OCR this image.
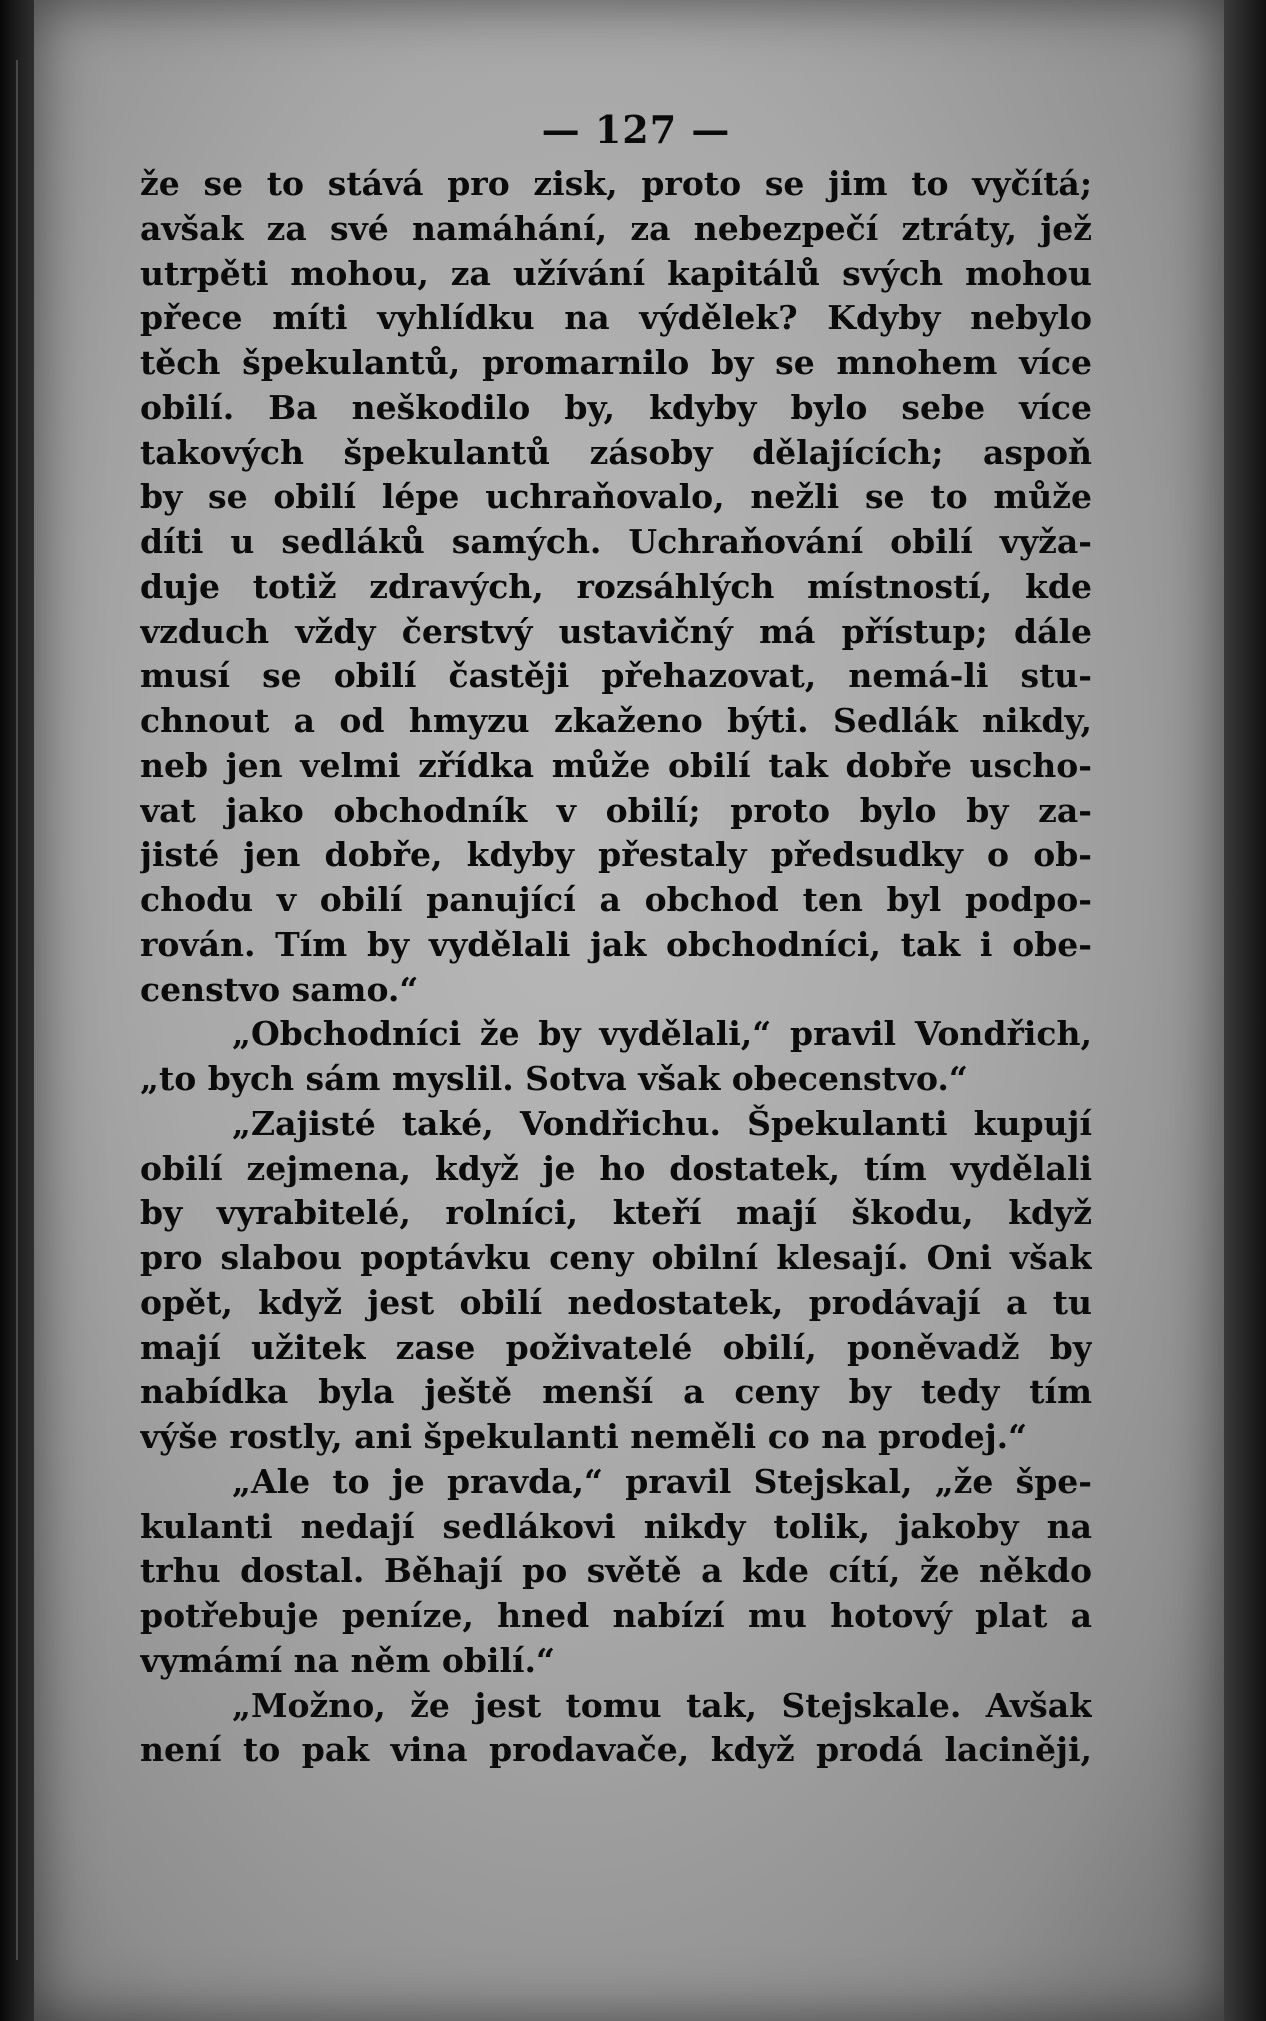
— 127 —
že se to stává pro zisk, proto se jim to vyčítá;
avšak za své namáhání, za nebezpečí ztráty, jež
utrpěti mohou, za užívání kapitálů svých mohou
přece míti vyhlídku na výdělek? Kdyby nebylo
těch špekulantů, promarnilo by se mnohem více
obilí. Ba neškodilo by, kdyby bylo sebe více
takových špekulantů zásoby dělajících; aspoň
by se obilí lépe uchraňovalo, nežli se to může
díti u sedláků samých. Uchraňování obilí vyža-
duje totiž zdravých, rozsáhlých místností, kde
vzduch vždy čerstvý ustavičný má přístup; dále
musí se obilí častěji přehazovat, nemá-li stu-
chnout a od hmyzu zkaženo býti. Sedlák nikdy,
neb jen velmi zřídka může obilí tak dobře uscho-
vat jako obchodník v obilí; proto bylo by za-
jisté jen dobře, kdyby přestaly předsudky o ob-
chodu v obilí panující a obchod ten byl podpo-
rován. Tím by vydělali jak obchodníci, tak i obe-
censtvo samo.“
„Obchodníci že by vydělali,“ pravil Vondřich,
„to bych sám myslil. Sotva však obecenstvo.“
„Zajisté také, Vondřichu. Špekulanti kupují
obilí zejmena, když je ho dostatek, tím vydělali
by vyrabitelé, rolníci, kteří mají škodu, když
pro slabou poptávku ceny obilní klesají. Oni však
opět, když jest obilí nedostatek, prodávají a tu
mají užitek zase poživatelé obilí, poněvadž by
nabídka byla ještě menší a ceny by tedy tím
výše rostly, ani špekulanti neměli co na prodej.“
„Ale to je pravda,“ pravil Stejskal, „že špe-
kulanti nedají sedlákovi nikdy tolik, jakoby na
trhu dostal. Běhají po světě a kde cítí, že někdo
potřebuje peníze, hned nabízí mu hotový plat a
vymámí na něm obilí.“
„Možno, že jest tomu tak, Stejskale. Avšak
není to pak vina prodavače, když prodá laciněji,
